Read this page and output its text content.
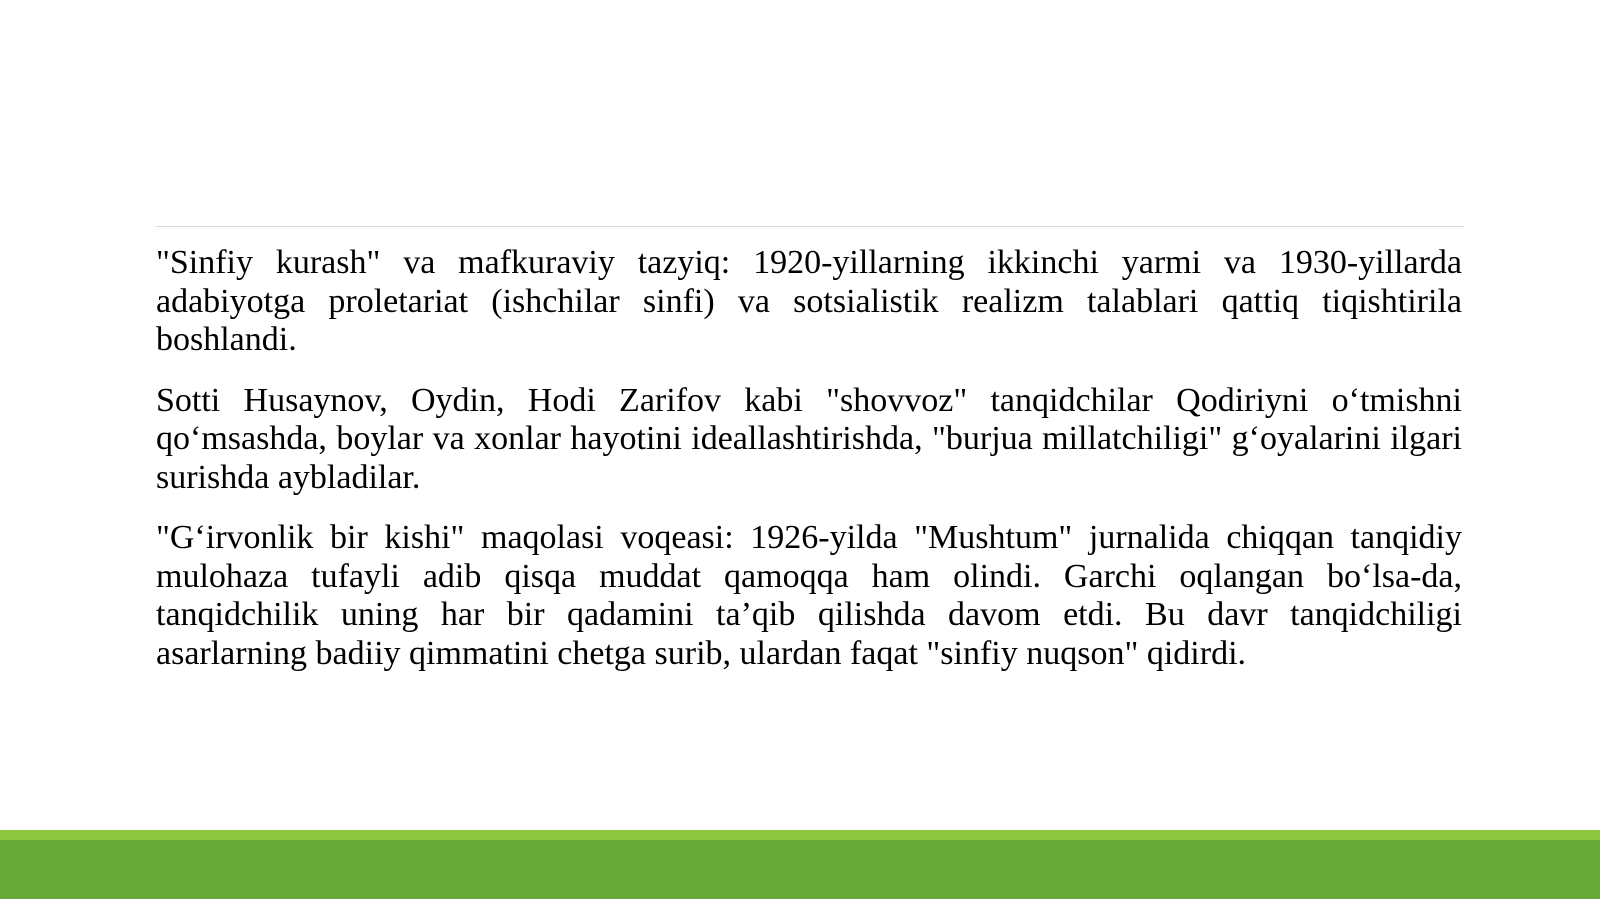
"Sinfiy kurash" va mafkuraviy tazyiq: 1920-yillarning ikkinchi yarmi va 1930-yillarda adabiyotga proletariat (ishchilar sinfi) va sotsialistik realizm talablari qattiq tiqishtirila boshlandi.

Sotti Husaynov, Oydin, Hodi Zarifov kabi "shovvoz" tanqidchilar Qodiriyni o‘tmishni qo‘msashda, boylar va xonlar hayotini ideallashtirishda, "burjua millatchiligi" g‘oyalarini ilgari surishda aybladilar.

"G‘irvonlik bir kishi" maqolasi voqeasi: 1926-yilda "Mushtum" jurnalida chiqqan tanqidiy mulohaza tufayli adib qisqa muddat qamoqqa ham olindi. Garchi oqlangan bo‘lsa-da, tanqidchilik uning har bir qadamini ta’qib qilishda davom etdi. Bu davr tanqidchiligi asarlarning badiiy qimmatini chetga surib, ulardan faqat "sinfiy nuqson" qidirdi.
